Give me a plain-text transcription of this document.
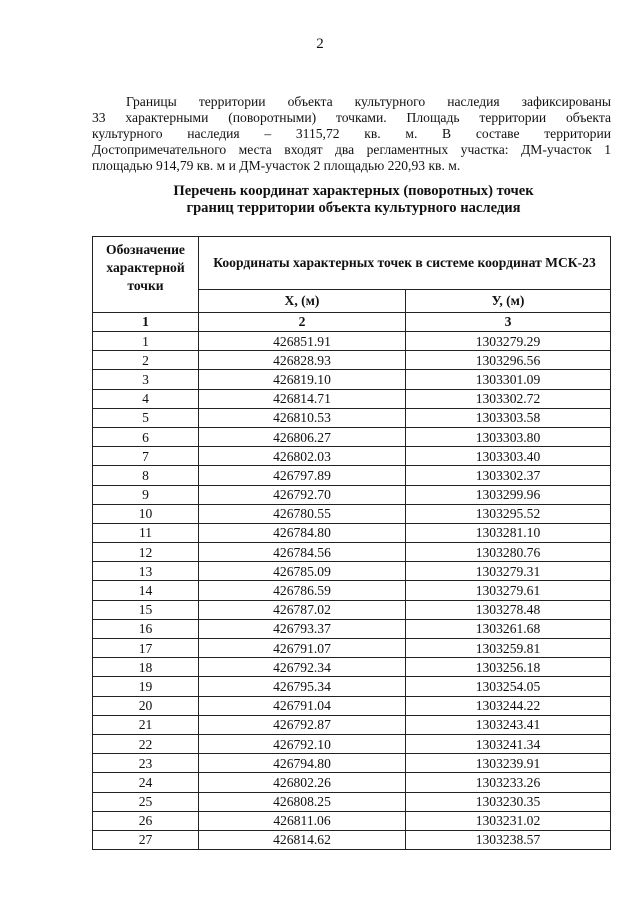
2

Границы территории объекта культурного наследия зафиксированы

33 характерными (поворотными) точками. Площадь территории объекта

культурного наследия – 3115,72 кв. м. В составе территории

Достопримечательного места входят два регламентных участка: ДМ-участок 1

площадью 914,79 кв. м и ДМ-участок 2 площадью 220,93 кв. м.

Перечень координат характерных (поворотных) точек
границ территории объекта культурного наследия
Обозначение характерной точки	Координаты характерных точек в системе координат МСК-23	
	X, (м)	У, (м)
1	2	3
1	426851.91	1303279.29
2	426828.93	1303296.56
3	426819.10	1303301.09
4	426814.71	1303302.72
5	426810.53	1303303.58
6	426806.27	1303303.80
7	426802.03	1303303.40
8	426797.89	1303302.37
9	426792.70	1303299.96
10	426780.55	1303295.52
11	426784.80	1303281.10
12	426784.56	1303280.76
13	426785.09	1303279.31
14	426786.59	1303279.61
15	426787.02	1303278.48
16	426793.37	1303261.68
17	426791.07	1303259.81
18	426792.34	1303256.18
19	426795.34	1303254.05
20	426791.04	1303244.22
21	426792.87	1303243.41
22	426792.10	1303241.34
23	426794.80	1303239.91
24	426802.26	1303233.26
25	426808.25	1303230.35
26	426811.06	1303231.02
27	426814.62	1303238.57
